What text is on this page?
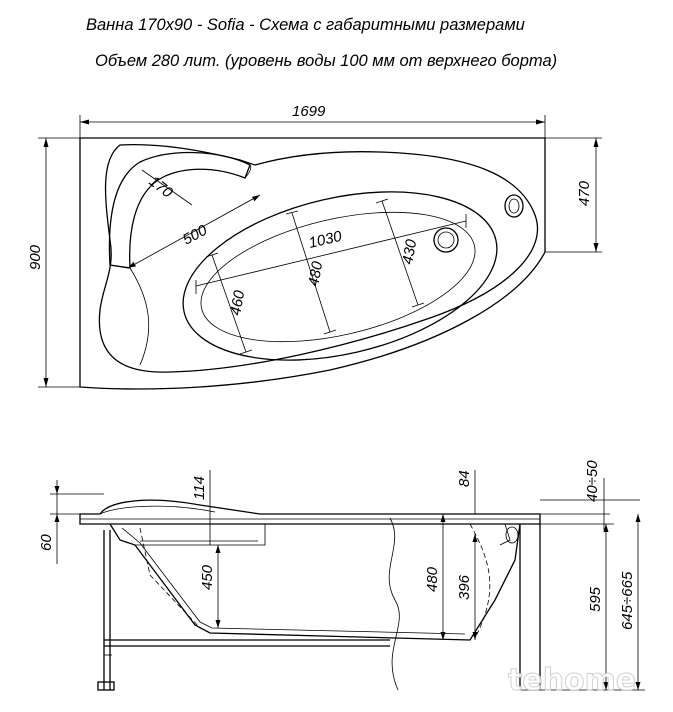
Ванна 170х90 - Sofia - Схема с габаритными размерами
Объем 280 лит. (уровень воды 100 мм от верхнего борта)
1699
900
470
170
500	1030
480
430
460
60
114
450
84	40÷50
480 396	595 645÷665
tehome
